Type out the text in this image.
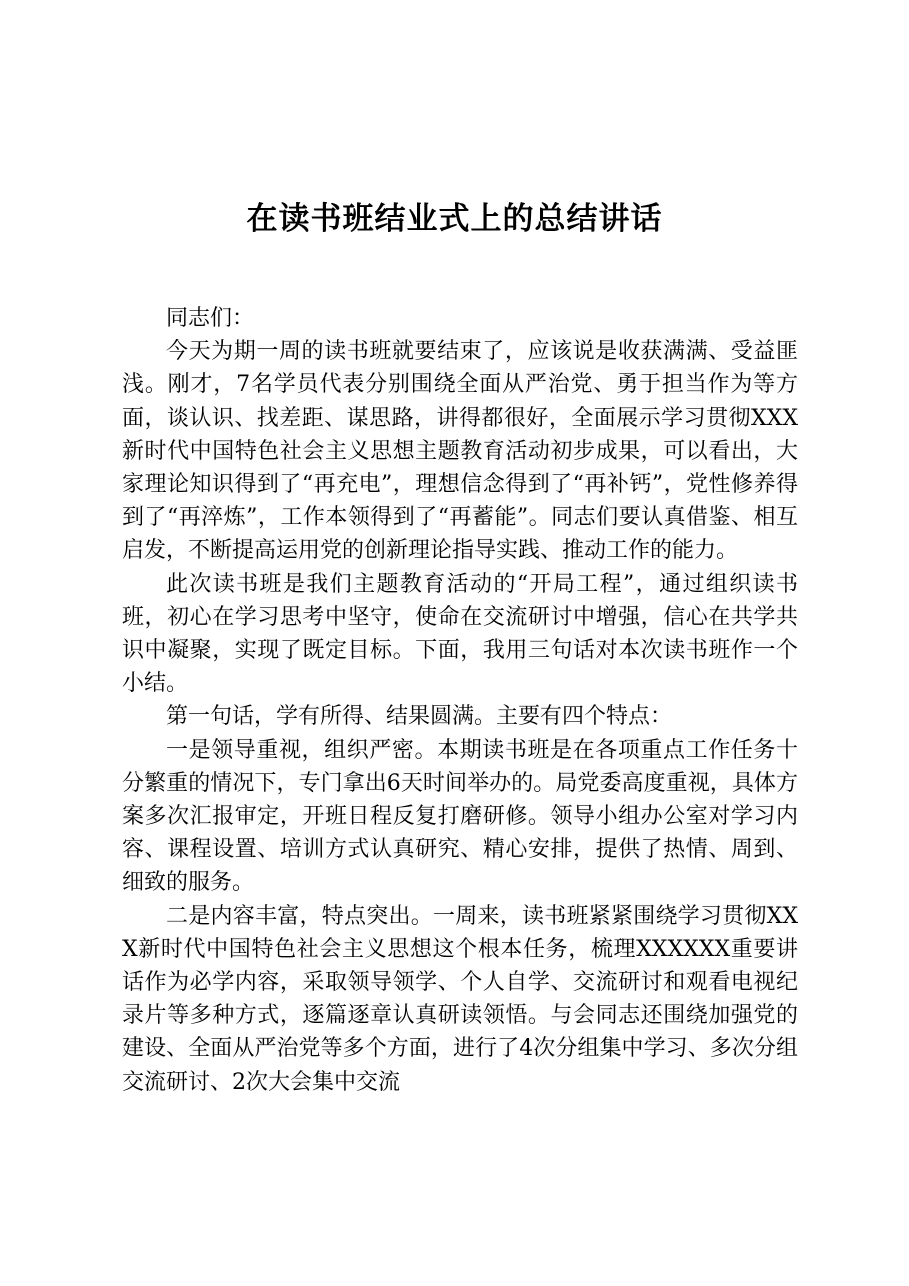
在读书班结业式上的总结讲话

同志们：

今天为期一周的读书班就要结束了，应该说是收获满满、受益匪浅。刚才，7名学员代表分别围绕全面从严治党、勇于担当作为等方面，谈认识、找差距、谋思路，讲得都很好，全面展示学习贯彻XXX新时代中国特色社会主义思想主题教育活动初步成果，可以看出，大家理论知识得到了“再充电”，理想信念得到了“再补钙”，党性修养得到了“再淬炼”，工作本领得到了“再蓄能”。同志们要认真借鉴、相互启发，不断提高运用党的创新理论指导实践、推动工作的能力。

此次读书班是我们主题教育活动的“开局工程”，通过组织读书班，初心在学习思考中坚守，使命在交流研讨中增强，信心在共学共识中凝聚，实现了既定目标。下面，我用三句话对本次读书班作一个小结。

第一句话，学有所得、结果圆满。主要有四个特点：

一是领导重视，组织严密。本期读书班是在各项重点工作任务十分繁重的情况下，专门拿出6天时间举办的。局党委高度重视，具体方案多次汇报审定，开班日程反复打磨研修。领导小组办公室对学习内容、课程设置、培训方式认真研究、精心安排，提供了热情、周到、细致的服务。

二是内容丰富，特点突出。一周来，读书班紧紧围绕学习贯彻XXX新时代中国特色社会主义思想这个根本任务，梳理XXXXXX重要讲话作为必学内容，采取领导领学、个人自学、交流研讨和观看电视纪录片等多种方式，逐篇逐章认真研读领悟。与会同志还围绕加强党的建设、全面从严治党等多个方面，进行了4次分组集中学习、多次分组交流研讨、2次大会集中交流
